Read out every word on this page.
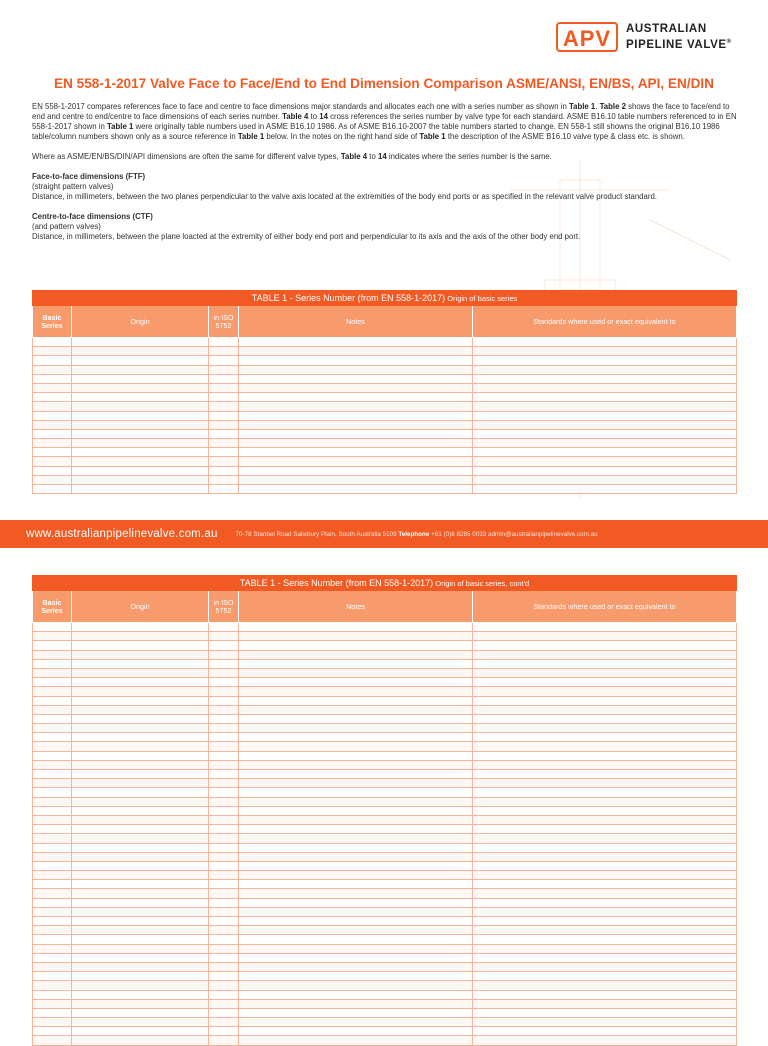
APV	AUSTRALIAN
PIPELINE VALVE®
EN 558-1-2017 Valve Face to Face/End to End Dimension Comparison ASME/ANSI, EN/BS, API, EN/DIN

EN 558-1-2017 compares references face to face and centre to face dimensions major standards and allocates each one with a series number as shown in Table 1. Table 2 shows the face to face/end to end and centre to end/centre to face dimensions of each series number. Table 4 to 14 cross references the series number by valve type for each standard. ASME B16.10 table numbers referenced to in EN 558-1-2017 shown in Table 1 were originally table numbers used in ASME B16.10 1986. As of ASME B16.10-2007 the table numbers started to change. EN 558-1 still showns the original B16.10 1986 table/column numbers shown only as a source reference in Table 1 below. In the notes on the right hand side of Table 1 the description of the ASME B16.10 valve type & class etc. is shown.

Where as ASME/EN/BS/DIN/API dimensions are often the same for different valve types, Table 4 to 14 indicates where the series number is the same.

Face-to-face dimensions (FTF)

(straight pattern valves)

Distance, in millimeters, between the two planes perpendicular to the valve axis located at the extremities of the body end ports or as specified in the relevant valve product standard.

Centre-to-face dimensions (CTF)

(and pattern valves)

Distance, in millimeters, between the plane loacted at the extremity of either body end port and perpendicular to its axis and the axis of the other body end port.

TABLE 1 - Series Number (from EN 558-1-2017) Origin of basic series				
Basic Series	Origin	in ISO 5752	Notes	Standards where used or exact equivalent to

www.australianpipelinevalve.com.au	70-78 Stanbel Road Salisbury Plain, South Australia 5109 Telephone +61 (0)8 8285 0033 admin@australianpipelinevalve.com.au
TABLE 1 - Series Number (from EN 558-1-2017) Origin of basic series, cont'd				
Basic Series	Origin	in ISO 5752	Notes	Standards where used or exact equivalent to
